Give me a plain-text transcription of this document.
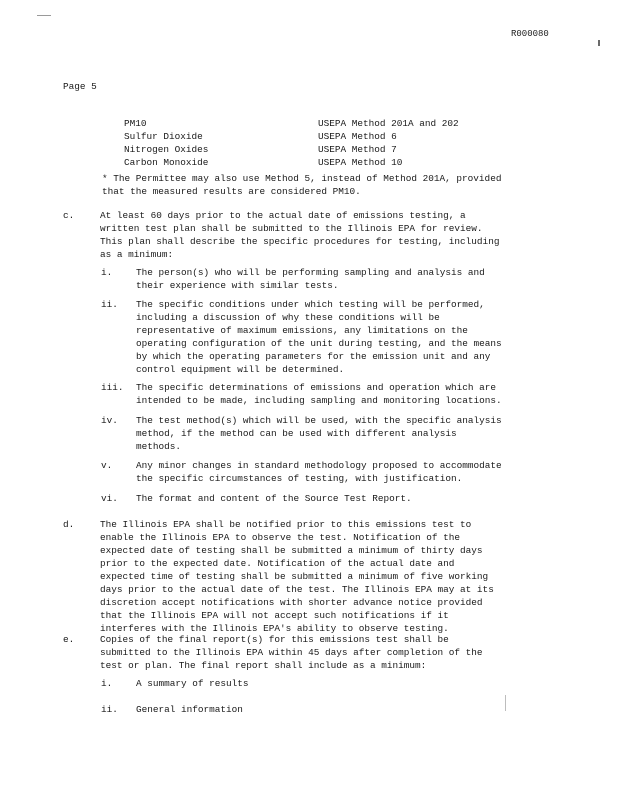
R000080
Page 5
PM10	USEPA Method 201A and 202
Sulfur Dioxide	USEPA Method 6
Nitrogen Oxides	USEPA Method 7
Carbon Monoxide	USEPA Method 10
* The Permittee may also use Method 5, instead of Method 201A, provided
that the measured results are considered PM10.
c.	At least 60 days prior to the actual date of emissions testing, a
written test plan shall be submitted to the Illinois EPA for review.
This plan shall describe the specific procedures for testing, including
as a minimum:
i.	The person(s) who will be performing sampling and analysis and
their experience with similar tests.
ii. The specific conditions under which testing will be performed,
including a discussion of why these conditions will be
representative of maximum emissions, any limitations on the
operating configuration of the unit during testing, and the means
by which the operating parameters for the emission unit and any
control equipment will be determined.
iii. The specific determinations of emissions and operation which are
intended to be made, including sampling and monitoring locations.
iv. The test method(s) which will be used, with the specific analysis
method, if the method can be used with different analysis
methods.
v.	Any minor changes in standard methodology proposed to accommodate
the specific circumstances of testing, with justification.
vi. The format and content of the Source Test Report.
d.	The Illinois EPA shall be notified prior to this emissions test to
enable the Illinois EPA to observe the test. Notification of the
expected date of testing shall be submitted a minimum of thirty days
prior to the expected date. Notification of the actual date and
expected time of testing shall be submitted a minimum of five working
days prior to the actual date of the test. The Illinois EPA may at its
discretion accept notifications with shorter advance notice provided
that the Illinois EPA will not accept such notifications if it
interferes with the Illinois EPA's ability to observe testing.
e.	Copies of the final report(s) for this emissions test shall be
submitted to the Illinois EPA within 45 days after completion of the
test or plan. The final report shall include as a minimum:
i.	A summary of results
ii. General information
